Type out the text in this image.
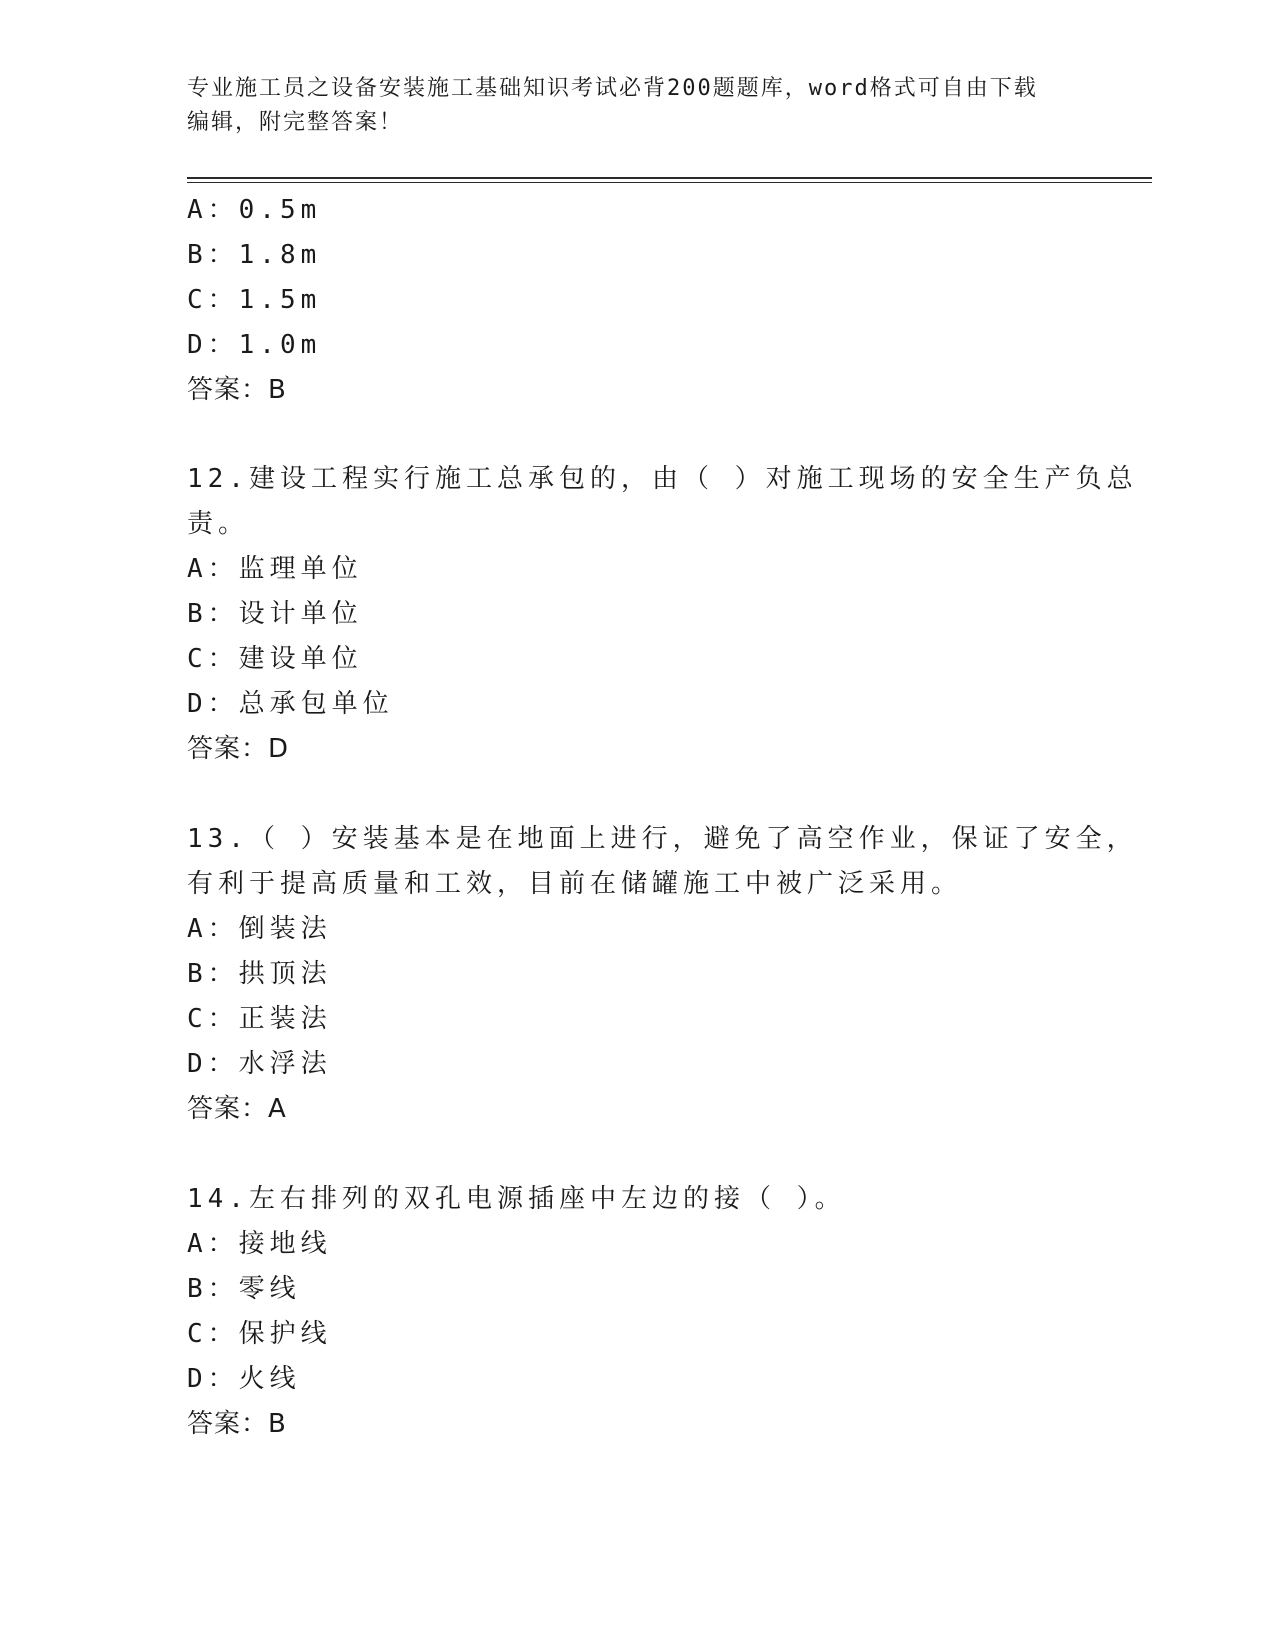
专业施工员之设备安装施工基础知识考试必背200题题库，word格式可自由下载
编辑，附完整答案！
A：0.5m
B：1.8m
C：1.5m
D：1.0m
答案：B
12.建设工程实行施工总承包的，由（ ）对施工现场的安全生产负总
责。
A：监理单位
B：设计单位
C：建设单位
D：总承包单位
答案：D
13.（ ）安装基本是在地面上进行，避免了高空作业，保证了安全，
有利于提高质量和工效，目前在储罐施工中被广泛采用。
A：倒装法
B：拱顶法
C：正装法
D：水浮法
答案：A
14.左右排列的双孔电源插座中左边的接（ ）。
A：接地线
B：零线
C：保护线
D：火线
答案：B
